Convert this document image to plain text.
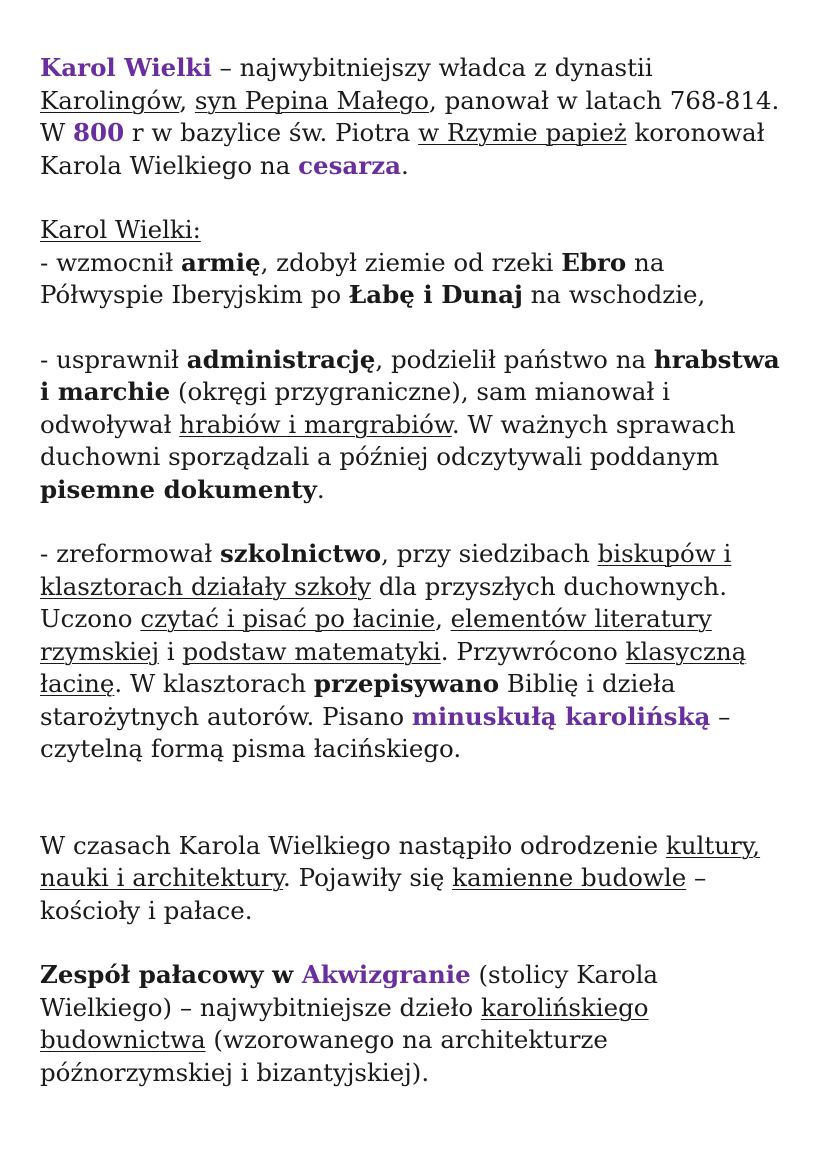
Karol Wielki – najwybitniejszy władca z dynastii Karolingów, syn Pepina Małego, panował w latach 768-814. W 800 r w bazylice św. Piotra w Rzymie papież koronował Karola Wielkiego na cesarza.

Karol Wielki:
- wzmocnił armię, zdobył ziemie od rzeki Ebro na Półwyspie Iberyjskim po Łabę i Dunaj na wschodzie,

- usprawnił administrację, podzielił państwo na hrabstwa i marchie (okręgi przygraniczne), sam mianował i odwoływał hrabiów i margrabiów. W ważnych sprawach duchowni sporządzali a później odczytywali poddanym pisemne dokumenty.

- zreformował szkolnictwo, przy siedzibach biskupów i klasztorach działały szkoły dla przyszłych duchownych. Uczono czytać i pisać po łacinie, elementów literatury rzymskiej i podstaw matematyki. Przywrócono klasyczną łacinę. W klasztorach przepisywano Biblię i dzieła starożytnych autorów. Pisano minuskułą karolińską – czytelną formą pisma łacińskiego.

W czasach Karola Wielkiego nastąpiło odrodzenie kultury, nauki i architektury. Pojawiły się kamienne budowle – kościoły i pałace.

Zespół pałacowy w Akwizgranie (stolicy Karola Wielkiego) – najwybitniejsze dzieło karolińskiego budownictwa (wzorowanego na architekturze późnorzymskiej i bizantyjskiej).
